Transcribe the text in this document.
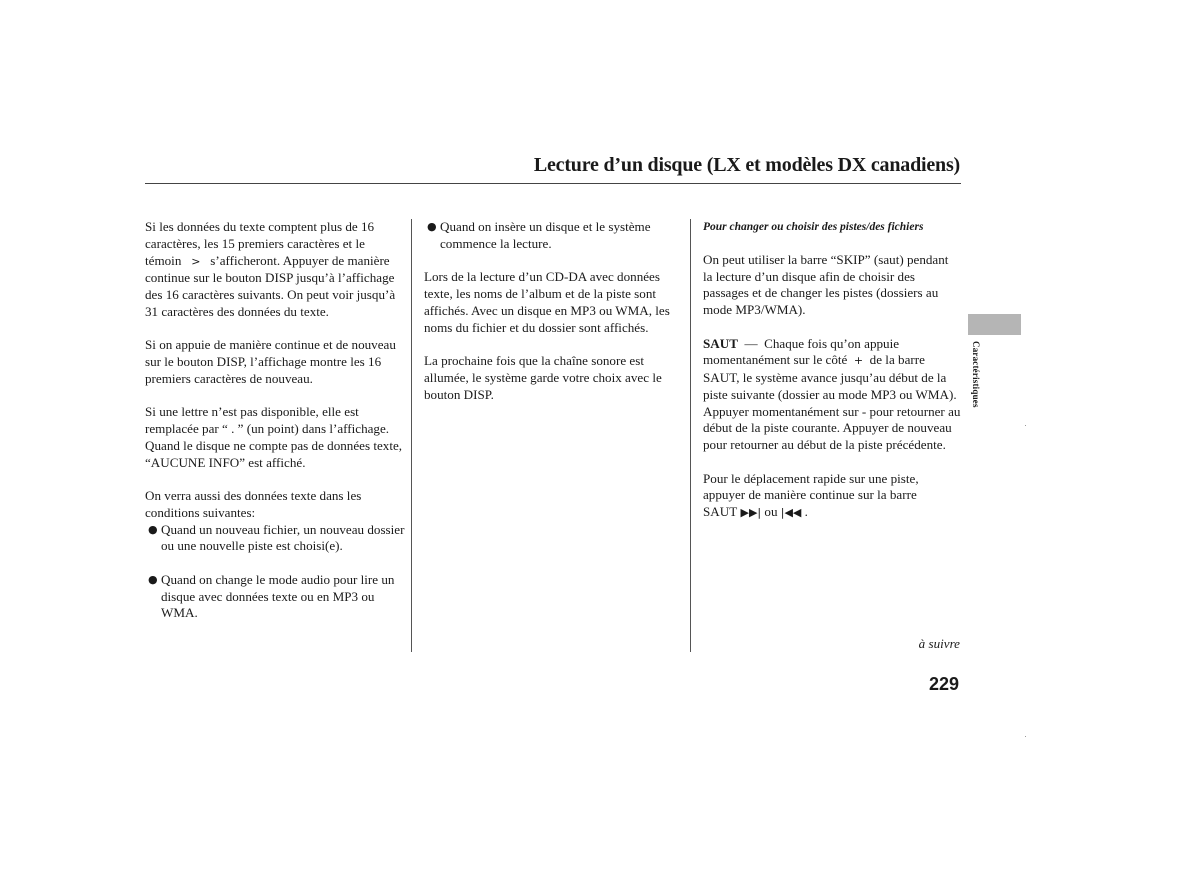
Lecture d’un disque (LX et modèles DX canadiens)

Si les données du texte comptent plus de 16 caractères, les 15 premiers caractères et le témoin > s’afficheront. Appuyer de manière continue sur le bouton DISP jusqu’à l’affichage des 16 caractères suivants. On peut voir jusqu’à 31 caractères des données du texte.

Si on appuie de manière continue et de nouveau sur le bouton DISP, l’affichage montre les 16 premiers caractères de nouveau.

Si une lettre n’est pas disponible, elle est remplacée par “ . ” (un point) dans l’affichage. Quand le disque ne compte pas de données texte, “AUCUNE INFO” est affiché.

On verra aussi des données texte dans les conditions suivantes:

● Quand un nouveau fichier, un nouveau dossier ou une nouvelle piste est choisi(e).
● Quand on change le mode audio pour lire un disque avec données texte ou en MP3 ou WMA.
● Quand on insère un disque et le système commence la lecture.

Lors de la lecture d’un CD-DA avec données texte, les noms de l’album et de la piste sont affichés. Avec un disque en MP3 ou WMA, les noms du fichier et du dossier sont affichés.

La prochaine fois que la chaîne sonore est allumée, le système garde votre choix avec le bouton DISP.

Pour changer ou choisir des pistes/des fichiers

On peut utiliser la barre “SKIP” (saut) pendant la lecture d’un disque afin de choisir des passages et de changer les pistes (dossiers au mode MP3/WMA).

SAUT — Chaque fois qu’on appuie momentanément sur le côté + de la barre SAUT, le système avance jusqu’au début de la piste suivante (dossier au mode MP3 ou WMA). Appuyer momentanément sur - pour retourner au début de la piste courante. Appuyer de nouveau pour retourner au début de la piste précédente.

Pour le déplacement rapide sur une piste, appuyer de manière continue sur la barre SAUT ▶▶| ou |◀◀ .

à suivre
229
Caractéristiques
